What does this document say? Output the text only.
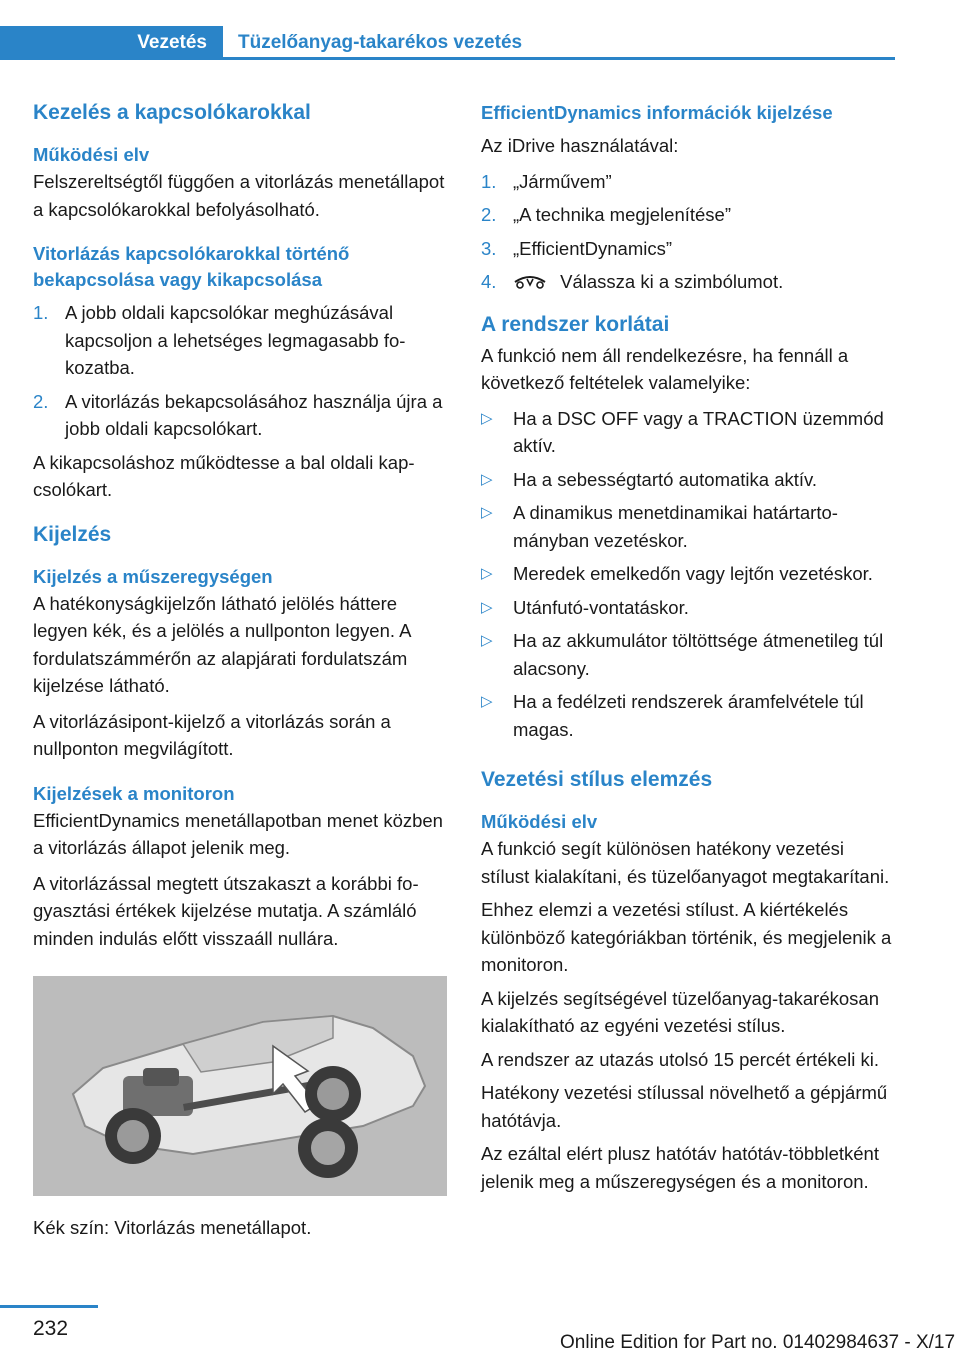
Vezetés	Tüzelőanyag-takarékos vezetés
Kezelés a kapcsolókarokkal
Működési elv

Felszereltségtől függően a vitorlázás menetállapot a kapcsolókarokkal befolyásolható.

Vitorlázás kapcsolókarokkal történő bekapcsolása vagy kikapcsolása
1. A jobb oldali kapcsolókar meghúzásával kapcsoljon a lehetséges legmagasabb fokozatba.
2. A vitorlázás bekapcsolásához használja újra a jobb oldali kapcsolókart.

A kikapcsoláshoz működtesse a bal oldali kapcsolókart.

Kijelzés
Kijelzés a műszeregységen

A hatékonyságkijelzőn látható jelölés háttere legyen kék, és a jelölés a nullponton legyen. A fordulatszámmérőn az alapjárati fordulatszám kijelzése látható.

A vitorlázásipont-kijelző a vitorlázás során a nullponton megvilágított.

Kijelzések a monitoron

EfficientDynamics menetállapotban menet közben a vitorlázás állapot jelenik meg.

A vitorlázással megtett útszakaszt a korábbi fogyasztási értékek kijelzése mutatja. A számláló minden indulás előtt visszaáll nullára.

Kék szín: Vitorlázás menetállapot.

EfficientDynamics információk kijelzése

Az iDrive használatával:

1. „Járművem”
2. „A technika megjelenítése”
3. „EfficientDynamics”
4.	Válassza ki a szimbólumot.
A rendszer korlátai

A funkció nem áll rendelkezésre, ha fennáll a következő feltételek valamelyike:

▷ Ha a DSC OFF vagy a TRACTION üzemmód aktív.
▷ Ha a sebességtartó automatika aktív.
▷ A dinamikus menetdinamikai határtartományban vezetéskor.
▷ Meredek emelkedőn vagy lejtőn vezetéskor.
▷ Utánfutó-vontatáskor.
▷ Ha az akkumulátor töltöttsége átmenetileg túl alacsony.
▷ Ha a fedélzeti rendszerek áramfelvétele túl magas.
Vezetési stílus elemzés
Működési elv

A funkció segít különösen hatékony vezetési stílust kialakítani, és tüzelőanyagot megtakarítani.

Ehhez elemzi a vezetési stílust. A kiértékelés különböző kategóriákban történik, és megjelenik a monitoron.

A kijelzés segítségével tüzelőanyag-takarékosan kialakítható az egyéni vezetési stílus.

A rendszer az utazás utolsó 15 percét értékeli ki.

Hatékony vezetési stílussal növelhető a gépjármű hatótávja.

Az ezáltal elért plusz hatótáv hatótáv-többletként jelenik meg a műszeregységen és a monitoron.

232
Online Edition for Part no. 01402984637 - X/17
